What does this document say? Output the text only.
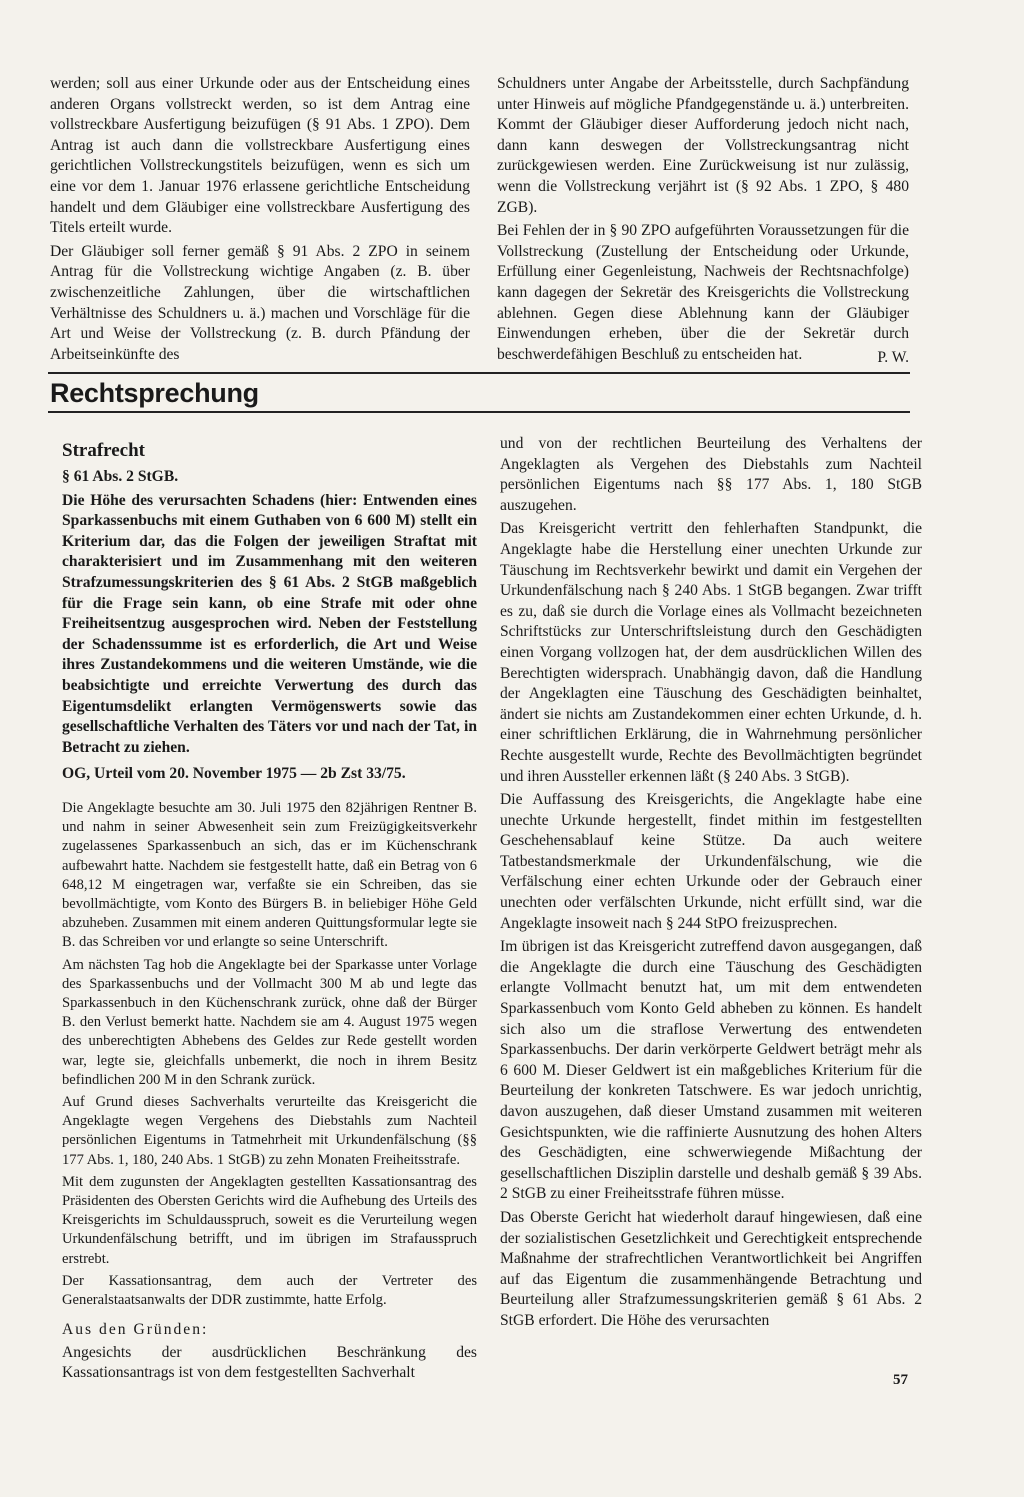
werden; soll aus einer Urkunde oder aus der Entscheidung eines anderen Organs vollstreckt werden, so ist dem Antrag eine vollstreckbare Ausfertigung beizufügen (§ 91 Abs. 1 ZPO). Dem Antrag ist auch dann die vollstreckbare Ausfertigung eines gerichtlichen Vollstreckungstitels beizufügen, wenn es sich um eine vor dem 1. Januar 1976 erlassene gerichtliche Entscheidung handelt und dem Gläubiger eine vollstreckbare Ausfertigung des Titels erteilt wurde.

Der Gläubiger soll ferner gemäß § 91 Abs. 2 ZPO in seinem Antrag für die Vollstreckung wichtige Angaben (z. B. über zwischenzeitliche Zahlungen, über die wirtschaftlichen Verhältnisse des Schuldners u. ä.) machen und Vorschläge für die Art und Weise der Vollstreckung (z. B. durch Pfändung der Arbeitseinkünfte des

Schuldners unter Angabe der Arbeitsstelle, durch Sachpfändung unter Hinweis auf mögliche Pfandgegenstände u. ä.) unterbreiten. Kommt der Gläubiger dieser Aufforderung jedoch nicht nach, dann kann deswegen der Vollstreckungsantrag nicht zurückgewiesen werden. Eine Zurückweisung ist nur zulässig, wenn die Vollstreckung verjährt ist (§ 92 Abs. 1 ZPO, § 480 ZGB).

Bei Fehlen der in § 90 ZPO aufgeführten Voraussetzungen für die Vollstreckung (Zustellung der Entscheidung oder Urkunde, Erfüllung einer Gegenleistung, Nachweis der Rechtsnachfolge) kann dagegen der Sekretär des Kreisgerichts die Vollstreckung ablehnen. Gegen diese Ablehnung kann der Gläubiger Einwendungen erheben, über die der Sekretär durch beschwerdefähigen Beschluß zu entscheiden hat.	P. W.
Rechtsprechung

Strafrecht

§ 61 Abs. 2 StGB.

Die Höhe des verursachten Schadens (hier: Entwenden eines Sparkassenbuchs mit einem Guthaben von 6 600 M) stellt ein Kriterium dar, das die Folgen der jeweiligen Straftat mit charakterisiert und im Zusammenhang mit den weiteren Strafzumessungskriterien des § 61 Abs. 2 StGB maßgeblich für die Frage sein kann, ob eine Strafe mit oder ohne Freiheitsentzug ausgesprochen wird. Neben der Feststellung der Schadenssumme ist es erforderlich, die Art und Weise ihres Zustandekommens und die weiteren Umstände, wie die beabsichtigte und erreichte Verwertung des durch das Eigentumsdelikt erlangten Vermögenswerts sowie das gesellschaftliche Verhalten des Täters vor und nach der Tat, in Betracht zu ziehen.

OG, Urteil vom 20. November 1975 — 2b Zst 33/75.

Die Angeklagte besuchte am 30. Juli 1975 den 82jährigen Rentner B. und nahm in seiner Abwesenheit sein zum Freizügigkeitsverkehr zugelassenes Sparkassenbuch an sich, das er im Küchenschrank aufbewahrt hatte. Nachdem sie festgestellt hatte, daß ein Betrag von 6 648,12 M eingetragen war, verfaßte sie ein Schreiben, das sie bevollmächtigte, vom Konto des Bürgers B. in beliebiger Höhe Geld abzuheben. Zusammen mit einem anderen Quittungsformular legte sie B. das Schreiben vor und erlangte so seine Unterschrift.

Am nächsten Tag hob die Angeklagte bei der Sparkasse unter Vorlage des Sparkassenbuchs und der Vollmacht 300 M ab und legte das Sparkassenbuch in den Küchenschrank zurück, ohne daß der Bürger B. den Verlust bemerkt hatte. Nachdem sie am 4. August 1975 wegen des unberechtigten Abhebens des Geldes zur Rede gestellt worden war, legte sie, gleichfalls unbemerkt, die noch in ihrem Besitz befindlichen 200 M in den Schrank zurück.

Auf Grund dieses Sachverhalts verurteilte das Kreisgericht die Angeklagte wegen Vergehens des Diebstahls zum Nachteil persönlichen Eigentums in Tatmehrheit mit Urkundenfälschung (§§ 177 Abs. 1, 180, 240 Abs. 1 StGB) zu zehn Monaten Freiheitsstrafe.

Mit dem zugunsten der Angeklagten gestellten Kassationsantrag des Präsidenten des Obersten Gerichts wird die Aufhebung des Urteils des Kreisgerichts im Schuldausspruch, soweit es die Verurteilung wegen Urkundenfälschung betrifft, und im übrigen im Strafausspruch erstrebt.

Der Kassationsantrag, dem auch der Vertreter des Generalstaatsanwalts der DDR zustimmte, hatte Erfolg.

Aus den Gründen:

Angesichts der ausdrücklichen Beschränkung des Kassationsantrags ist von dem festgestellten Sachverhalt

und von der rechtlichen Beurteilung des Verhaltens der Angeklagten als Vergehen des Diebstahls zum Nachteil persönlichen Eigentums nach §§ 177 Abs. 1, 180 StGB auszugehen.

Das Kreisgericht vertritt den fehlerhaften Standpunkt, die Angeklagte habe die Herstellung einer unechten Urkunde zur Täuschung im Rechtsverkehr bewirkt und damit ein Vergehen der Urkundenfälschung nach § 240 Abs. 1 StGB begangen. Zwar trifft es zu, daß sie durch die Vorlage eines als Vollmacht bezeichneten Schriftstücks zur Unterschriftsleistung durch den Geschädigten einen Vorgang vollzogen hat, der dem ausdrücklichen Willen des Berechtigten widersprach. Unabhängig davon, daß die Handlung der Angeklagten eine Täuschung des Geschädigten beinhaltet, ändert sie nichts am Zustandekommen einer echten Urkunde, d. h. einer schriftlichen Erklärung, die in Wahrnehmung persönlicher Rechte ausgestellt wurde, Rechte des Bevollmächtigten begründet und ihren Aussteller erkennen läßt (§ 240 Abs. 3 StGB).

Die Auffassung des Kreisgerichts, die Angeklagte habe eine unechte Urkunde hergestellt, findet mithin im festgestellten Geschehensablauf keine Stütze. Da auch weitere Tatbestandsmerkmale der Urkundenfälschung, wie die Verfälschung einer echten Urkunde oder der Gebrauch einer unechten oder verfälschten Urkunde, nicht erfüllt sind, war die Angeklagte insoweit nach § 244 StPO freizusprechen.

Im übrigen ist das Kreisgericht zutreffend davon ausgegangen, daß die Angeklagte die durch eine Täuschung des Geschädigten erlangte Vollmacht benutzt hat, um mit dem entwendeten Sparkassenbuch vom Konto Geld abheben zu können. Es handelt sich also um die straflose Verwertung des entwendeten Sparkassenbuchs. Der darin verkörperte Geldwert beträgt mehr als 6 600 M. Dieser Geldwert ist ein maßgebliches Kriterium für die Beurteilung der konkreten Tatschwere. Es war jedoch unrichtig, davon auszugehen, daß dieser Umstand zusammen mit weiteren Gesichtspunkten, wie die raffinierte Ausnutzung des hohen Alters des Geschädigten, eine schwerwiegende Mißachtung der gesellschaftlichen Disziplin darstelle und deshalb gemäß § 39 Abs. 2 StGB zu einer Freiheitsstrafe führen müsse.

Das Oberste Gericht hat wiederholt darauf hingewiesen, daß eine der sozialistischen Gesetzlichkeit und Gerechtigkeit entsprechende Maßnahme der strafrechtlichen Verantwortlichkeit bei Angriffen auf das Eigentum die zusammenhängende Betrachtung und Beurteilung aller Strafzumessungskriterien gemäß § 61 Abs. 2 StGB erfordert. Die Höhe des verursachten

57
